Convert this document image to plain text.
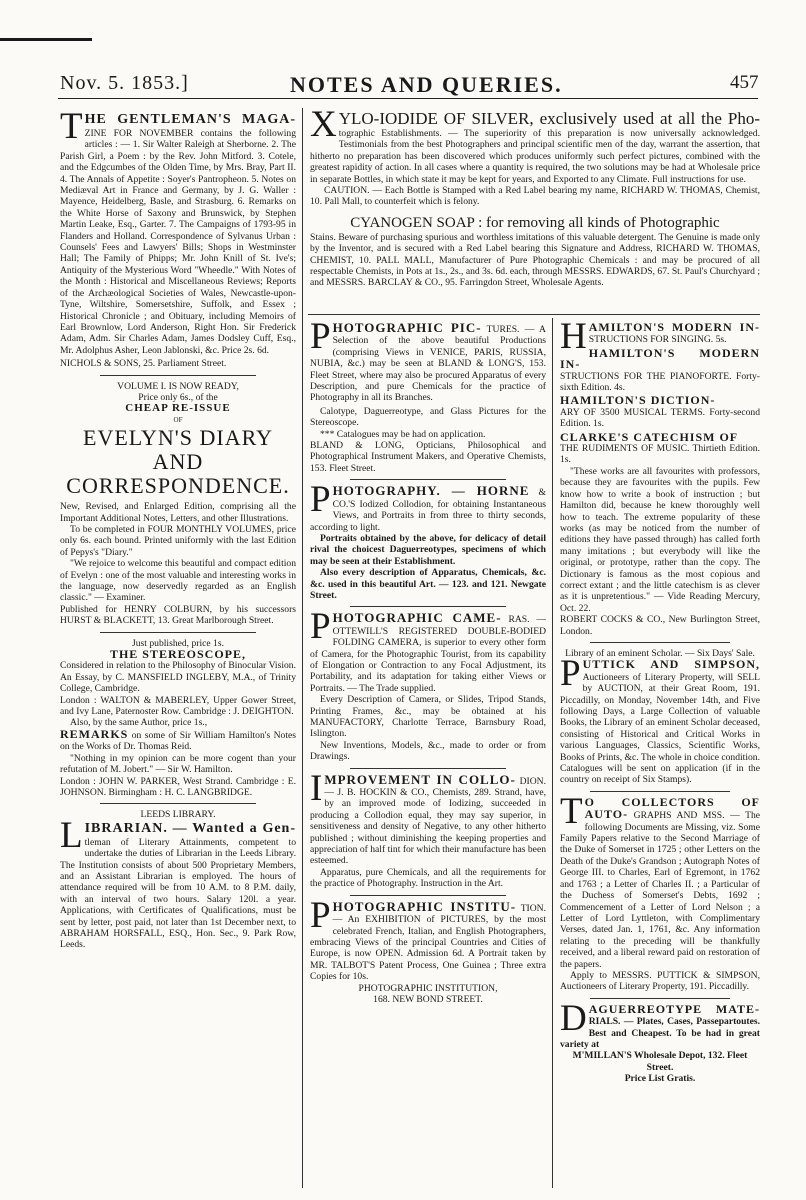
Nov. 5. 1853.]	NOTES AND QUERIES.	457

T HE GENTLEMAN'S MAGA- ZINE FOR NOVEMBER contains the following articles : — 1. Sir Walter Raleigh at Sherborne. 2. The Parish Girl, a Poem : by the Rev. John Mitford. 3. Cotele, and the Edgcumbes of the Olden Time, by Mrs. Bray, Part II. 4. The Annals of Appetite : Soyer's Pantropheon. 5. Notes on Mediæval Art in France and Germany, by J. G. Waller : Mayence, Heidelberg, Basle, and Strasburg. 6. Remarks on the White Horse of Saxony and Brunswick, by Stephen Martin Leake, Esq., Garter. 7. The Campaigns of 1793-95 in Flanders and Holland. Correspondence of Sylvanus Urban : Counsels' Fees and Lawyers' Bills; Shops in Westminster Hall; The Family of Phipps; Mr. John Knill of St. Ive's; Antiquity of the Mysterious Word "Wheedle." With Notes of the Month : Historical and Miscellaneous Reviews; Reports of the Archæological Societies of Wales, Newcastle-upon-Tyne, Wiltshire, Somersetshire, Suffolk, and Essex ; Historical Chronicle ; and Obituary, including Memoirs of Earl Brownlow, Lord Anderson, Right Hon. Sir Frederick Adam, Adm. Sir Charles Adam, James Dodsley Cuff, Esq., Mr. Adolphus Asher, Leon Jablonski, &c. Price 2s. 6d.

NICHOLS & SONS, 25. Parliament Street.

VOLUME I. IS NOW READY,

Price only 6s., of the

CHEAP RE-ISSUE

OF

EVELYN'S DIARY AND CORRESPONDENCE.

New, Revised, and Enlarged Edition, comprising all the Important Additional Notes, Letters, and other Illustrations.

To be completed in FOUR MONTHLY VOLUMES, price only 6s. each bound. Printed uniformly with the last Edition of Pepys's "Diary."

"We rejoice to welcome this beautiful and compact edition of Evelyn : one of the most valuable and interesting works in the language, now deservedly regarded as an English classic." — Examiner.

Published for HENRY COLBURN, by his successors HURST & BLACKETT, 13. Great Marlborough Street.

Just published, price 1s.

THE STEREOSCOPE,

Considered in relation to the Philosophy of Binocular Vision. An Essay, by C. MANSFIELD INGLEBY, M.A., of Trinity College, Cambridge.

London : WALTON & MABERLEY, Upper Gower Street, and Ivy Lane, Paternoster Row. Cambridge : J. DEIGHTON.

Also, by the same Author, price 1s.,

REMARKS on some of Sir William Hamilton's Notes on the Works of Dr. Thomas Reid.

"Nothing in my opinion can be more cogent than your refutation of M. Jobert." — Sir W. Hamilton.

London : JOHN W. PARKER, West Strand. Cambridge : E. JOHNSON. Birmingham : H. C. LANGBRIDGE.

LEEDS LIBRARY.

L IBRARIAN. — Wanted a Gen- tleman of Literary Attainments, competent to undertake the duties of Librarian in the Leeds Library. The Institution consists of about 500 Proprietary Members, and an Assistant Librarian is employed. The hours of attendance required will be from 10 A.M. to 8 P.M. daily, with an interval of two hours. Salary 120l. a year. Applications, with Certificates of Qualifications, must be sent by letter, post paid, not later than 1st December next, to ABRAHAM HORSFALL, ESQ., Hon. Sec., 9. Park Row, Leeds.

X YLO-IODIDE OF SILVER, exclusively used at all the Pho- tographic Establishments. — The superiority of this preparation is now universally acknowledged. Testimonials from the best Photographers and principal scientific men of the day, warrant the assertion, that hitherto no preparation has been discovered which produces uniformly such perfect pictures, combined with the greatest rapidity of action. In all cases where a quantity is required, the two solutions may be had at Wholesale price in separate Bottles, in which state it may be kept for years, and Exported to any Climate. Full instructions for use.

CAUTION. — Each Bottle is Stamped with a Red Label bearing my name, RICHARD W. THOMAS, Chemist, 10. Pall Mall, to counterfeit which is felony.

CYANOGEN SOAP : for removing all kinds of Photographic

Stains. Beware of purchasing spurious and worthless imitations of this valuable detergent. The Genuine is made only by the Inventor, and is secured with a Red Label bearing this Signature and Address, RICHARD W. THOMAS, CHEMIST, 10. PALL MALL, Manufacturer of Pure Photographic Chemicals : and may be procured of all respectable Chemists, in Pots at 1s., 2s., and 3s. 6d. each, through MESSRS. EDWARDS, 67. St. Paul's Churchyard ; and MESSRS. BARCLAY & CO., 95. Farringdon Street, Wholesale Agents.

P HOTOGRAPHIC PIC- TURES. — A Selection of the above beautiful Productions (comprising Views in VENICE, PARIS, RUSSIA, NUBIA, &c.) may be seen at BLAND & LONG'S, 153. Fleet Street, where may also be procured Apparatus of every Description, and pure Chemicals for the practice of Photography in all its Branches.

Calotype, Daguerreotype, and Glass Pictures for the Stereoscope.

*** Catalogues may be had on application.

BLAND & LONG, Opticians, Philosophical and Photographical Instrument Makers, and Operative Chemists, 153. Fleet Street.

P HOTOGRAPHY. — HORNE & CO.'S Iodized Collodion, for obtaining Instantaneous Views, and Portraits in from three to thirty seconds, according to light.

Portraits obtained by the above, for delicacy of detail rival the choicest Daguerreotypes, specimens of which may be seen at their Establishment.

Also every description of Apparatus, Chemicals, &c. &c. used in this beautiful Art. — 123. and 121. Newgate Street.

P HOTOGRAPHIC CAME- RAS. — OTTEWILL'S REGISTERED DOUBLE-BODIED FOLDING CAMERA, is superior to every other form of Camera, for the Photographic Tourist, from its capability of Elongation or Contraction to any Focal Adjustment, its Portability, and its adaptation for taking either Views or Portraits. — The Trade supplied.

Every Description of Camera, or Slides, Tripod Stands, Printing Frames, &c., may be obtained at his MANUFACTORY, Charlotte Terrace, Barnsbury Road, Islington.

New Inventions, Models, &c., made to order or from Drawings.

I MPROVEMENT IN COLLO- DION. — J. B. HOCKIN & CO., Chemists, 289. Strand, have, by an improved mode of Iodizing, succeeded in producing a Collodion equal, they may say superior, in sensitiveness and density of Negative, to any other hitherto published ; without diminishing the keeping properties and appreciation of half tint for which their manufacture has been esteemed.

Apparatus, pure Chemicals, and all the requirements for the practice of Photography. Instruction in the Art.

P HOTOGRAPHIC INSTITU- TION. — An EXHIBITION of PICTURES, by the most celebrated French, Italian, and English Photographers, embracing Views of the principal Countries and Cities of Europe, is now OPEN. Admission 6d. A Portrait taken by MR. TALBOT'S Patent Process, One Guinea ; Three extra Copies for 10s.

PHOTOGRAPHIC INSTITUTION,

168. NEW BOND STREET.

H AMILTON'S MODERN IN- STRUCTIONS FOR SINGING. 5s.

HAMILTON'S MODERN IN-

STRUCTIONS FOR THE PIANOFORTE. Forty-sixth Edition. 4s.

HAMILTON'S DICTION-

ARY OF 3500 MUSICAL TERMS. Forty-second Edition. 1s.

CLARKE'S CATECHISM OF

THE RUDIMENTS OF MUSIC. Thirtieth Edition. 1s.

"These works are all favourites with professors, because they are favourites with the pupils. Few know how to write a book of instruction ; but Hamilton did, because he knew thoroughly well how to teach. The extreme popularity of these works (as may be noticed from the number of editions they have passed through) has called forth many imitations ; but everybody will like the original, or prototype, rather than the copy. The Dictionary is famous as the most copious and correct extant ; and the little catechism is as clever as it is unpretentious." — Vide Reading Mercury, Oct. 22.

ROBERT COCKS & CO., New Burlington Street, London.

Library of an eminent Scholar. — Six Days' Sale.

P UTTICK AND SIMPSON, Auctioneers of Literary Property, will SELL by AUCTION, at their Great Room, 191. Piccadilly, on Monday, November 14th, and Five following Days, a Large Collection of valuable Books, the Library of an eminent Scholar deceased, consisting of Historical and Critical Works in various Languages, Classics, Scientific Works, Books of Prints, &c. The whole in choice condition. Catalogues will be sent on application (if in the country on receipt of Six Stamps).

T O COLLECTORS OF AUTO- GRAPHS AND MSS. — The following Documents are Missing, viz. Some Family Papers relative to the Second Marriage of the Duke of Somerset in 1725 ; other Letters on the Death of the Duke's Grandson ; Autograph Notes of George III. to Charles, Earl of Egremont, in 1762 and 1763 ; a Letter of Charles II. ; a Particular of the Duchess of Somerset's Debts, 1692 ; Commencement of a Letter of Lord Nelson ; a Letter of Lord Lyttleton, with Complimentary Verses, dated Jan. 1, 1761, &c. Any information relating to the preceding will be thankfully received, and a liberal reward paid on restoration of the papers.

Apply to MESSRS. PUTTICK & SIMPSON, Auctioneers of Literary Property, 191. Piccadilly.

D AGUERREOTYPE MATE- RIALS. — Plates, Cases, Passepartoutes. Best and Cheapest. To be had in great variety at

M'MILLAN'S Wholesale Depot, 132. Fleet Street.

Price List Gratis.
